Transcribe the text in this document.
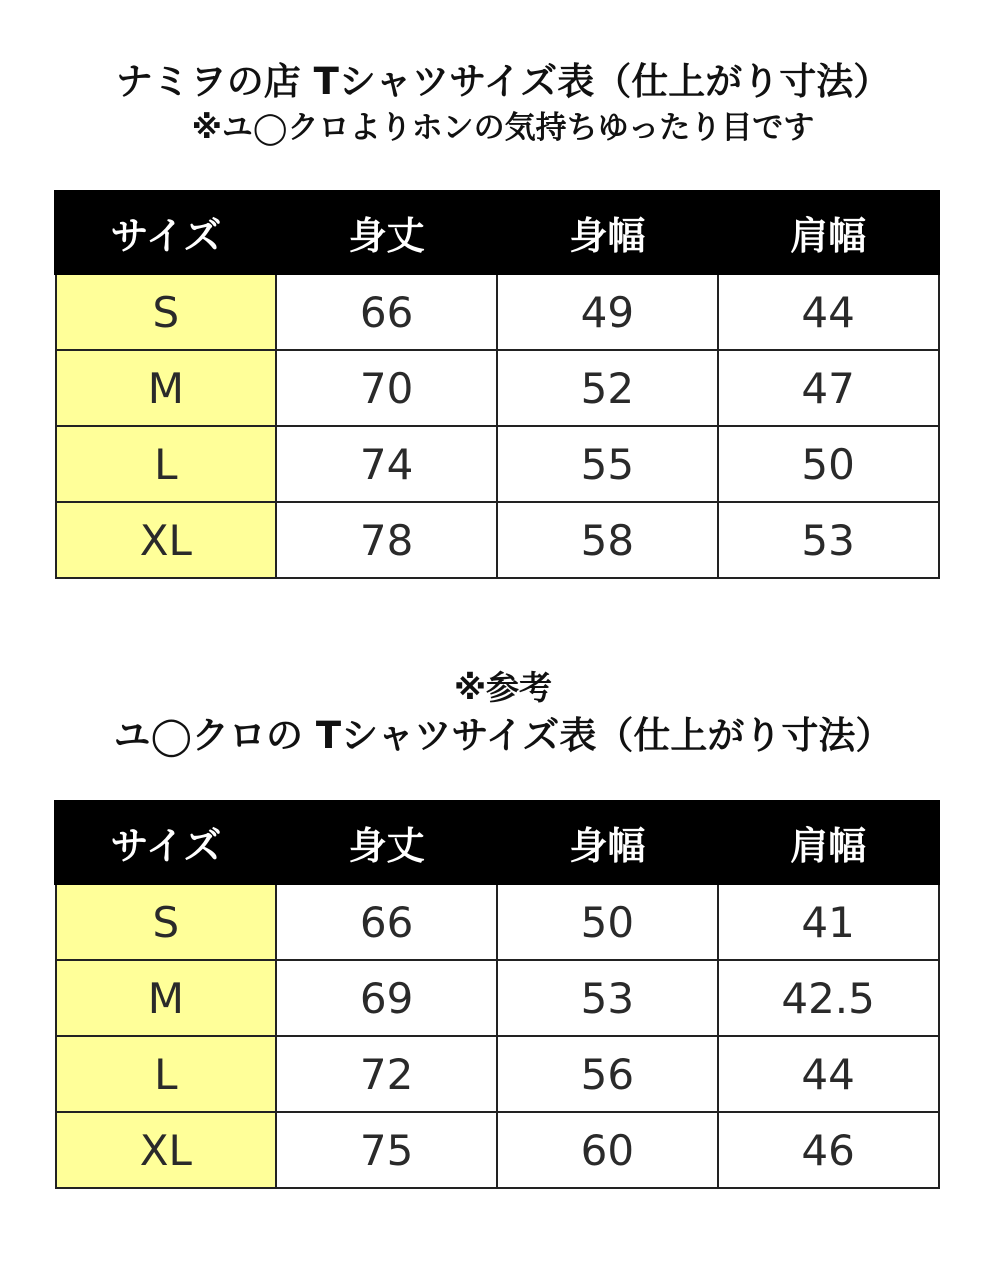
ナミヲの店 Tシャツサイズ表（仕上がり寸法）
※ユ◯クロよりホンの気持ちゆったり目です
サイズ	身丈	身幅	肩幅
S	66	49	44
M	70	52	47
L	74	55	50
XL	78	58	53
※参考
ユ◯クロの Tシャツサイズ表（仕上がり寸法）
サイズ	身丈	身幅	肩幅
S	66	50	41
M	69	53	42.5
L	72	56	44
XL	75	60	46
